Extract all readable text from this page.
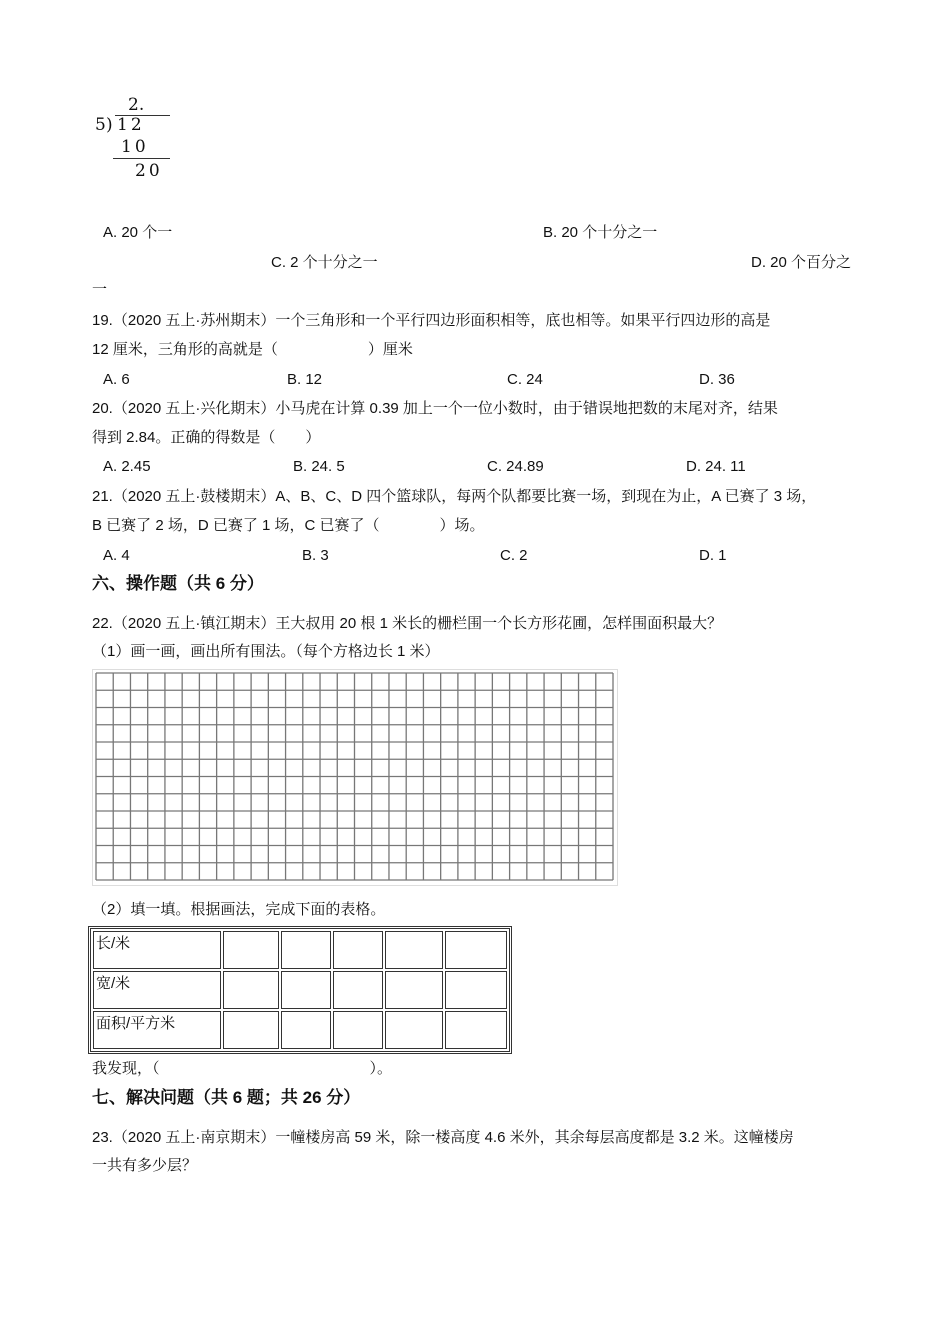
2.
5 ) 12
10
20
A. 20 个一	B. 20 个十分之一
C. 2 个十分之一	D. 20 个百分之
一
19.（2020 五上·苏州期末）一个三角形和一个平行四边形面积相等，底也相等。如果平行四边形的高是
12 厘米，三角形的高就是（　　　　　　）厘米
A. 6	B. 12	C. 24	D. 36
20.（2020 五上·兴化期末）小马虎在计算 0.39 加上一个一位小数时，由于错误地把数的末尾对齐，结果
得到 2.84。正确的得数是（　　）
A. 2.45	B. 24. 5	C. 24.89	D. 24. 11
21.（2020 五上·鼓楼期末）A、B、C、D 四个篮球队，每两个队都要比赛一场，到现在为止，A 已赛了 3 场，
B 已赛了 2 场，D 已赛了 1 场，C 已赛了（　　　　）场。
A. 4	B. 3	C. 2	D. 1
六、操作题（共 6 分）
22.（2020 五上·镇江期末）王大叔用 20 根 1 米长的栅栏围一个长方形花圃，怎样围面积最大？
（1）画一画，画出所有围法。（每个方格边长 1 米）
（2）填一填。根据画法，完成下面的表格。
长/米					
宽/米					
面积/平方米					
我发现，（　　　　　　　　　　　　　　）。
七、解决问题（共 6 题；共 26 分）
23.（2020 五上·南京期末）一幢楼房高 59 米，除一楼高度 4.6 米外，其余每层高度都是 3.2 米。这幢楼房
一共有多少层？
